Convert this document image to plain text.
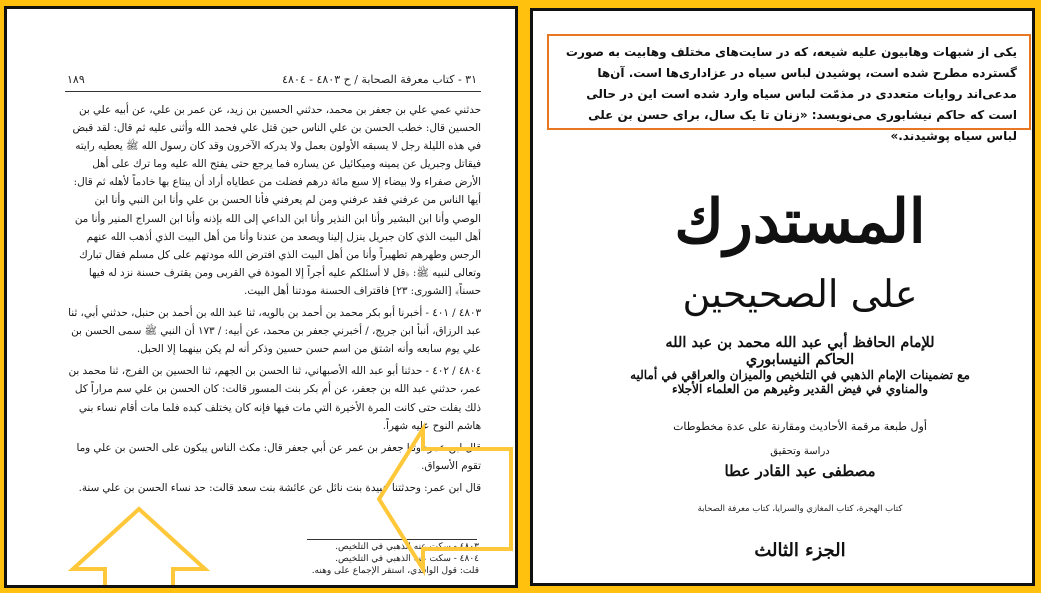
١٨٩	٣١ - كتاب معرفة الصحابة / ح ٤٨٠٣ - ٤٨٠٤

حدثني عمي علي بن جعفر بن محمد، حدثني الحسين بن زيد، عن عمر بن علي، عن أبيه علي بن الحسين قال: خطب الحسن بن علي الناس حين قتل علي فحمد الله وأثنى عليه ثم قال: لقد قبض في هذه الليلة رجل لا يسبقه الأولون بعمل ولا يدركه الآخرون وقد كان رسول الله ﷺ يعطيه رايته فيقاتل وجبريل عن يمينه وميكائيل عن يساره فما يرجع حتى يفتح الله عليه وما ترك على أهل الأرض صفراء ولا بيضاء إلا سبع مائة درهم فضلت من عطاياه أراد أن يبتاع بها خادماً لأهله ثم قال: أيها الناس من عرفني فقد عرفني ومن لم يعرفني فأنا الحسن بن علي وأنا ابن النبي وأنا ابن الوصي وأنا ابن البشير وأنا ابن النذير وأنا ابن الداعي إلى الله بإذنه وأنا ابن السراج المنير وأنا من أهل البيت الذي كان جبريل ينزل إلينا ويصعد من عندنا وأنا من أهل البيت الذي أذهب الله عنهم الرجس وطهرهم تطهيراً وأنا من أهل البيت الذي افترض الله مودتهم على كل مسلم فقال تبارك وتعالى لنبيه ﷺ: ﴿قل لا أسئلكم عليه أجراً إلا المودة في القربى ومن يقترف حسنة نزد له فيها حسناً﴾ [الشورى: ٢٣] فاقتراف الحسنة مودتنا أهل البيت.

٤٨٠٣ / ٤٠١ - أخبرنا أبو بكر محمد بن أحمد بن بالويه، ثنا عبد الله بن أحمد بن حنبل، حدثني أبي، ثنا عبد الرزاق، أنبأ ابن جريج، / أخبرني جعفر بن محمد، عن أبيه: / ١٧٣ أن النبي ﷺ سمى الحسن بن علي يوم سابعه وأنه اشتق من اسم حسن حسين وذكر أنه لم يكن بينهما إلا الحبل.

٤٨٠٤ / ٤٠٢ - حدثنا أبو عبد الله الأصبهاني، ثنا الحسن بن الجهم، ثنا الحسين بن الفرج، ثنا محمد بن عمر، حدثني عبد الله بن جعفر، عن أم بكر بنت المسور قالت: كان الحسن بن علي سم مراراً كل ذلك يفلت حتى كانت المرة الأخيرة التي مات فيها فإنه كان يختلف كبده فلما مات أقام نساء بني هاشم النوح عليه شهراً.

قال ابن عمر: وثنا جعفر بن عمر عن أبي جعفر قال: مكث الناس يبكون على الحسن بن علي وما تقوم الأسواق.

قال ابن عمر: وحدثتنا عبيدة بنت نائل عن عائشة بنت سعد قالت: حد نساء الحسن بن علي سنة.

٤٨٠٣ - سكت عنه الذهبي في التلخيص.
٤٨٠٤ - سكت عنه الذهبي في التلخيص.
قلت: قول الواقدي، استقر الإجماع على وهنه.
یکی از شبهات وهابیون علیه شیعه، که در سایت‌های مختلف وهابیت به صورت گسترده مطرح شده است، پوشیدن لباس سیاه در عزاداری‌ها است. آن‌ها مدعی‌اند روایات متعددی در مذمّت لباس سیاه وارد شده است این در حالی است که حاکم نیشابوری می‌نویسد: «زنان تا یک سال، برای حسن بن علی لباس سیاه پوشیدند.»
المستدرك
على الصحيحين
للإمام الحافظ أبي عبد الله محمد بن عبد الله الحاكم النيسابوري
مع تضمينات الإمام الذهبي في التلخيص والميزان والعراقي في أماليه والمناوي في فيض القدير وغيرهم من العلماء الأجلاء
أول طبعة مرقمة الأحاديث ومقارنة على عدة مخطوطات
دراسة وتحقيق
مصطفى عبد القادر عطا
كتاب الهجرة، كتاب المغازي والسرايا، كتاب معرفة الصحابة
الجزء الثالث
